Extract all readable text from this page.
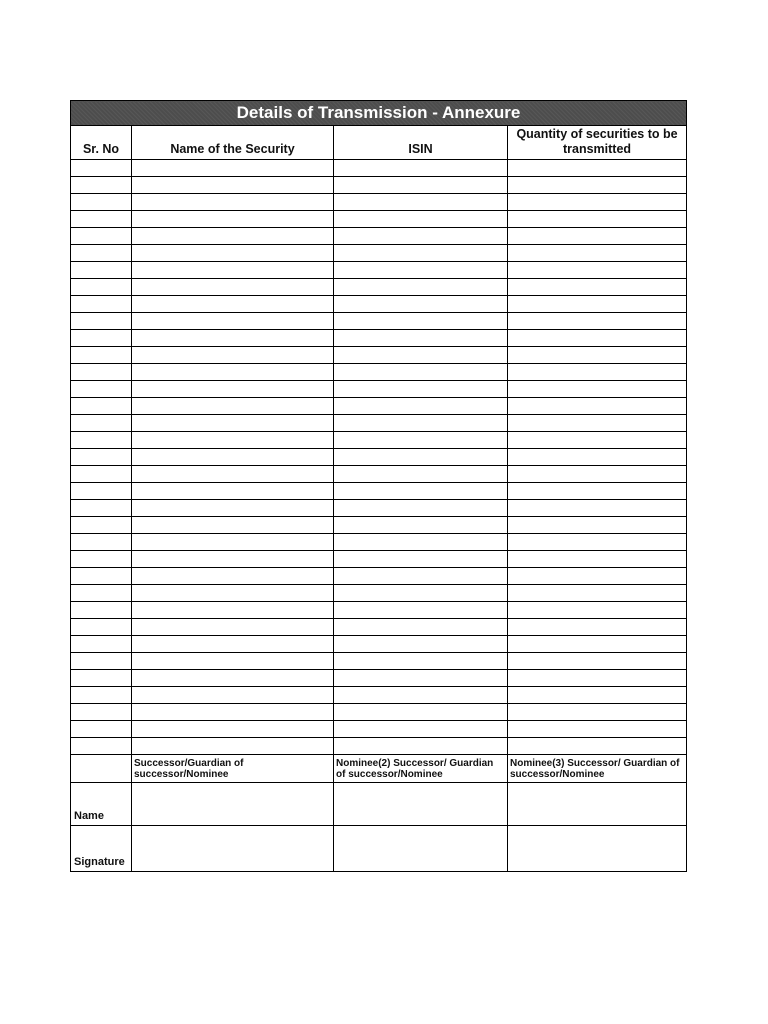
Details of Transmission - Annexure			
Sr. No	Name of the Security	ISIN	Quantity of securities to be transmitted

	Successor/Guardian of successor/Nominee	Nominee(2) Successor/ Guardian of successor/Nominee	Nominee(3) Successor/ Guardian of successor/Nominee
Name			
Signature			
